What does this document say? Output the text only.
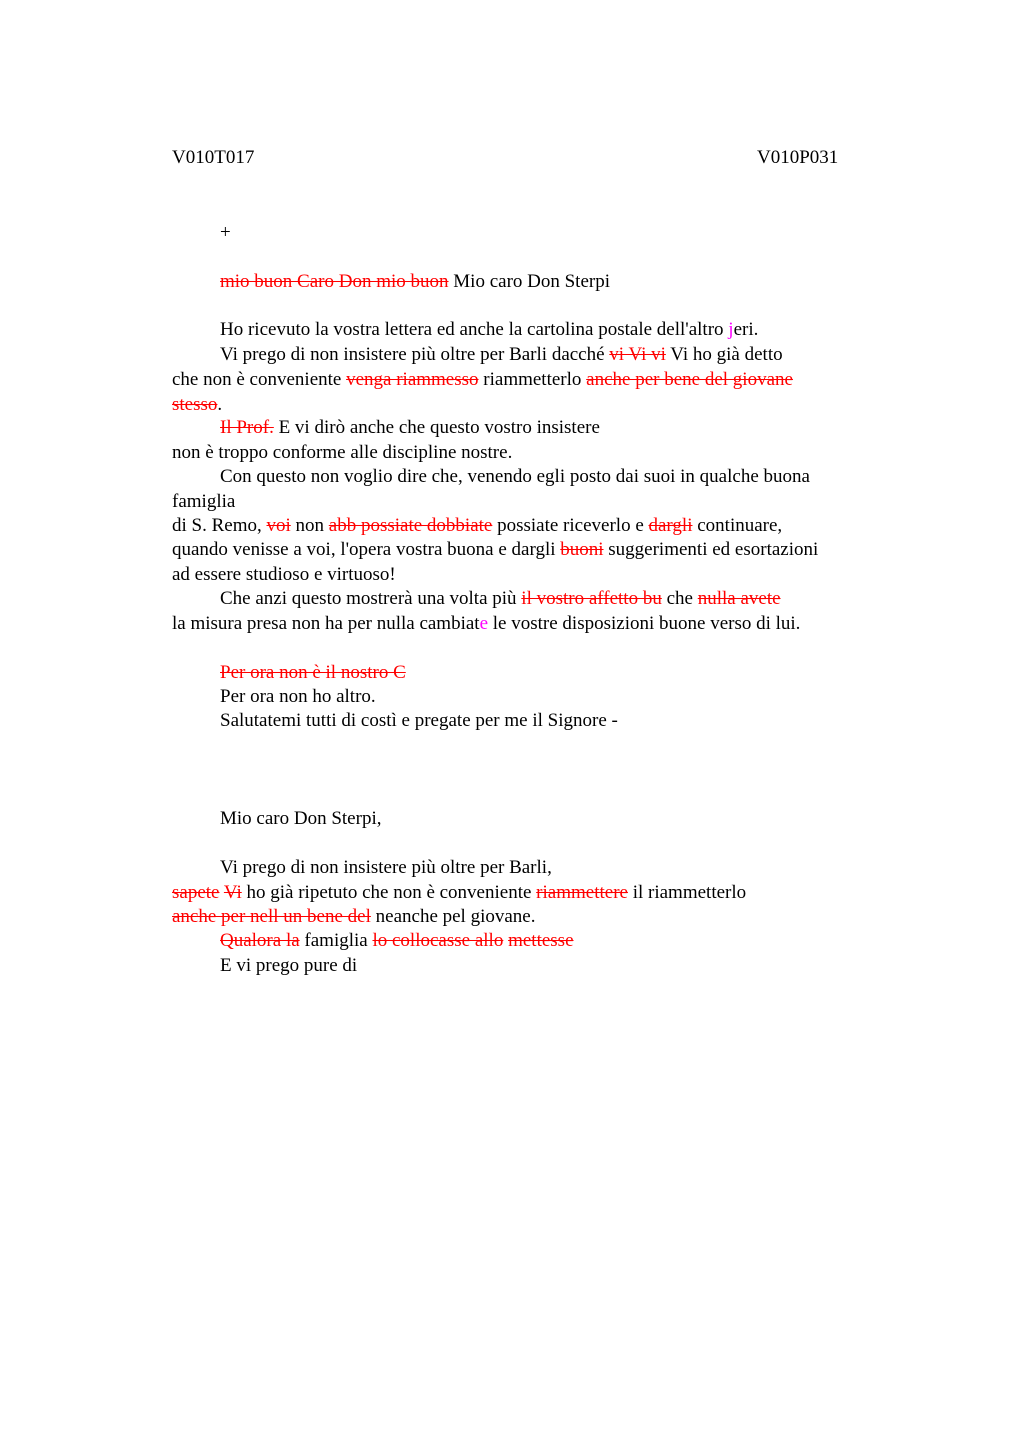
V010T017	V010P031
+
mio buon Caro Don mio buon Mio caro Don Sterpi
Ho ricevuto la vostra lettera ed anche la cartolina postale dell'altro jeri.
Vi prego di non insistere più oltre per Barli dacché vi Vi vi Vi ho già detto
che non è conveniente venga riammesso riammetterlo anche per bene del giovane
stesso.
Il Prof. E vi dirò anche che questo vostro insistere
non è troppo conforme alle discipline nostre.
Con questo non voglio dire che, venendo egli posto dai suoi in qualche buona
famiglia
di S. Remo, voi non abb possiate dobbiate possiate riceverlo e dargli continuare,
quando venisse a voi, l'opera vostra buona e dargli buoni suggerimenti ed esortazioni
ad essere studioso e virtuoso!
Che anzi questo mostrerà una volta più il vostro affetto bu che nulla avete
la misura presa non ha per nulla cambiate le vostre disposizioni buone verso di lui.
Per ora non è il nostro C
Per ora non ho altro.
Salutatemi tutti di costì e pregate per me il Signore -
Mio caro Don Sterpi,
Vi prego di non insistere più oltre per Barli,
sapete Vi ho già ripetuto che non è conveniente riammettere il riammetterlo
anche per nell un bene del neanche pel giovane.
Qualora la famiglia lo collocasse allo mettesse
E vi prego pure di
